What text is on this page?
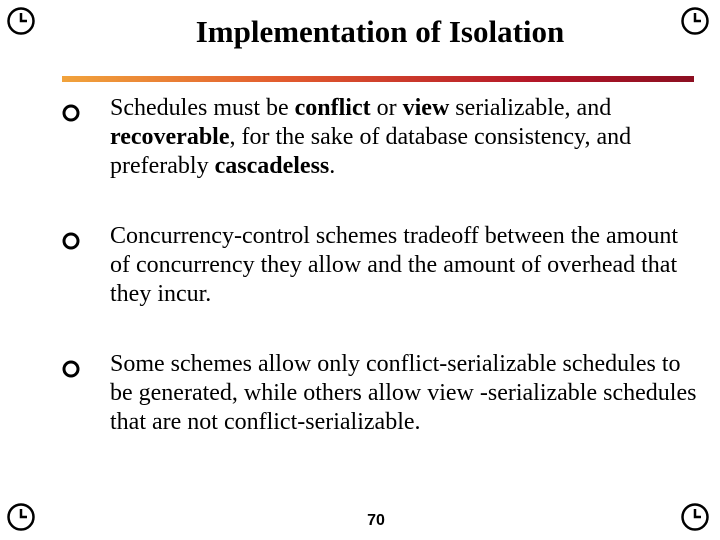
Implementation of Isolation
Schedules must be conflict or view serializable, and recoverable, for the sake of database consistency, and preferably cascadeless.
Concurrency-control schemes tradeoff between the amount of concurrency they allow and the amount of overhead that they incur.
Some schemes allow only conflict-serializable schedules to be generated, while others allow view -serializable schedules that are not conflict-serializable.
70
